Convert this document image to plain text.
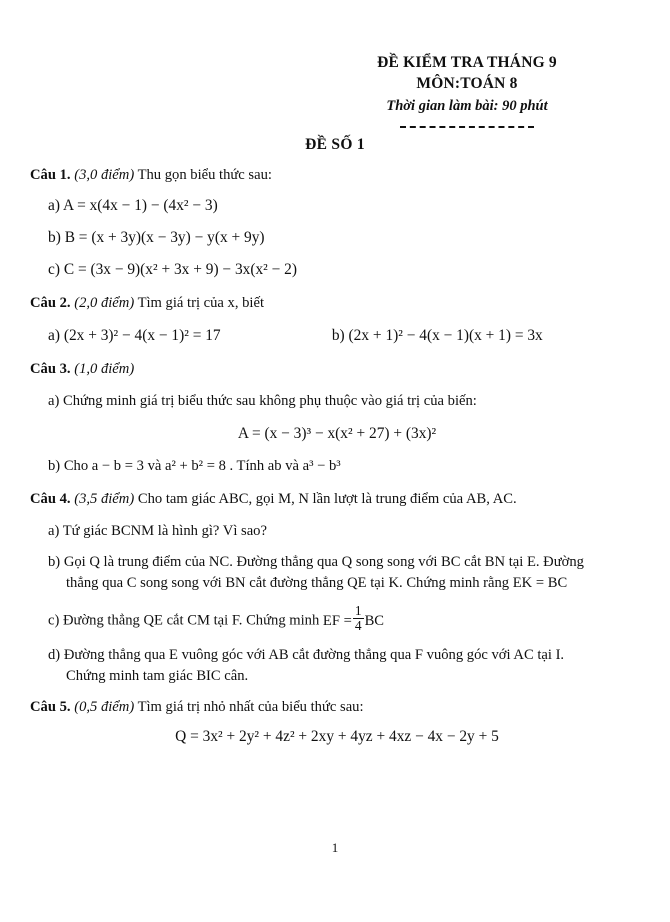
ĐỀ KIỂM TRA THÁNG 9
MÔN:TOÁN 8
Thời gian làm bài: 90 phút
ĐỀ SỐ 1
Câu 1. (3,0 điểm) Thu gọn biểu thức sau:
a) A = x(4x − 1) − (4x² − 3)
b) B = (x + 3y)(x − 3y) − y(x + 9y)
c) C = (3x − 9)(x² + 3x + 9) − 3x(x² − 2)
Câu 2. (2,0 điểm) Tìm giá trị của x, biết
a) (2x + 3)² − 4(x − 1)² = 17	b) (2x + 1)² − 4(x − 1)(x + 1) = 3x
Câu 3. (1,0 điểm)
a) Chứng minh giá trị biểu thức sau không phụ thuộc vào giá trị của biến:
A = (x − 3)³ − x(x² + 27) + (3x)²
b) Cho a − b = 3 và a² + b² = 8 . Tính ab và a³ − b³
Câu 4. (3,5 điểm) Cho tam giác ABC, gọi M, N lần lượt là trung điểm của AB, AC.
a) Tứ giác BCNM là hình gì? Vì sao?
b) Gọi Q là trung điểm của NC. Đường thẳng qua Q song song với BC cắt BN tại E. Đường
thẳng qua C song song với BN cắt đường thẳng QE tại K. Chứng minh rằng EK = BC
c) Đường thẳng QE cắt CM tại F. Chứng minh EF = $\frac{1}{4}$ BC
d) Đường thẳng qua E vuông góc với AB cắt đường thẳng qua F vuông góc với AC tại I.
Chứng minh tam giác BIC cân.
Câu 5. (0,5 điểm) Tìm giá trị nhỏ nhất của biểu thức sau:
Q = 3x² + 2y² + 4z² + 2xy + 4yz + 4xz − 4x − 2y + 5
1
